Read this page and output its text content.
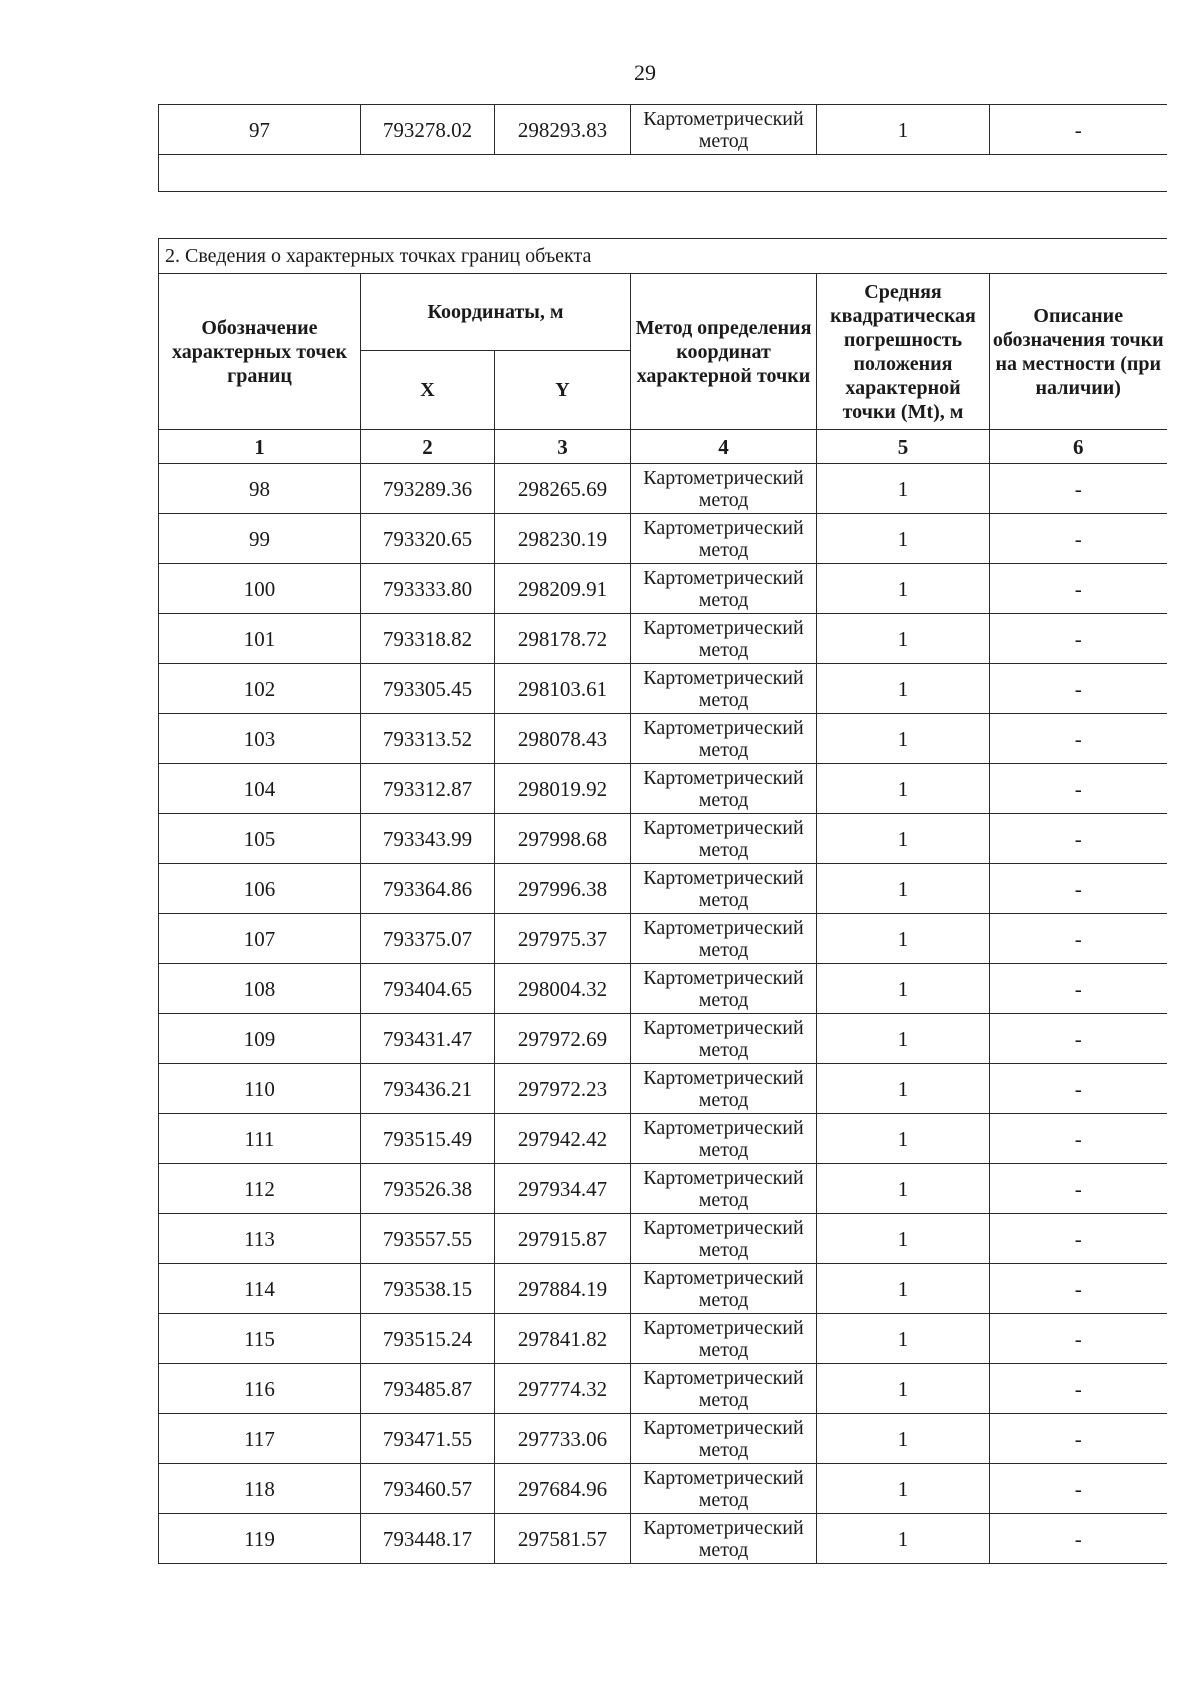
29
97	793278.02	298293.83	Картометрический метод	1	-

2. Сведения о характерных точках границ объекта					
Обозначение характерных точек границ	Координаты, м		Метод определения координат характерной точки	Средняя квадратическая погрешность положения характерной точки (Mt), м	Описание обозначения точки на местности (при наличии)
	X	Y			
1	2	3	4	5	6
98	793289.36	298265.69	Картометрический метод	1	-
99	793320.65	298230.19	Картометрический метод	1	-
100	793333.80	298209.91	Картометрический метод	1	-
101	793318.82	298178.72	Картометрический метод	1	-
102	793305.45	298103.61	Картометрический метод	1	-
103	793313.52	298078.43	Картометрический метод	1	-
104	793312.87	298019.92	Картометрический метод	1	-
105	793343.99	297998.68	Картометрический метод	1	-
106	793364.86	297996.38	Картометрический метод	1	-
107	793375.07	297975.37	Картометрический метод	1	-
108	793404.65	298004.32	Картометрический метод	1	-
109	793431.47	297972.69	Картометрический метод	1	-
110	793436.21	297972.23	Картометрический метод	1	-
111	793515.49	297942.42	Картометрический метод	1	-
112	793526.38	297934.47	Картометрический метод	1	-
113	793557.55	297915.87	Картометрический метод	1	-
114	793538.15	297884.19	Картометрический метод	1	-
115	793515.24	297841.82	Картометрический метод	1	-
116	793485.87	297774.32	Картометрический метод	1	-
117	793471.55	297733.06	Картометрический метод	1	-
118	793460.57	297684.96	Картометрический метод	1	-
119	793448.17	297581.57	Картометрический метод	1	-
